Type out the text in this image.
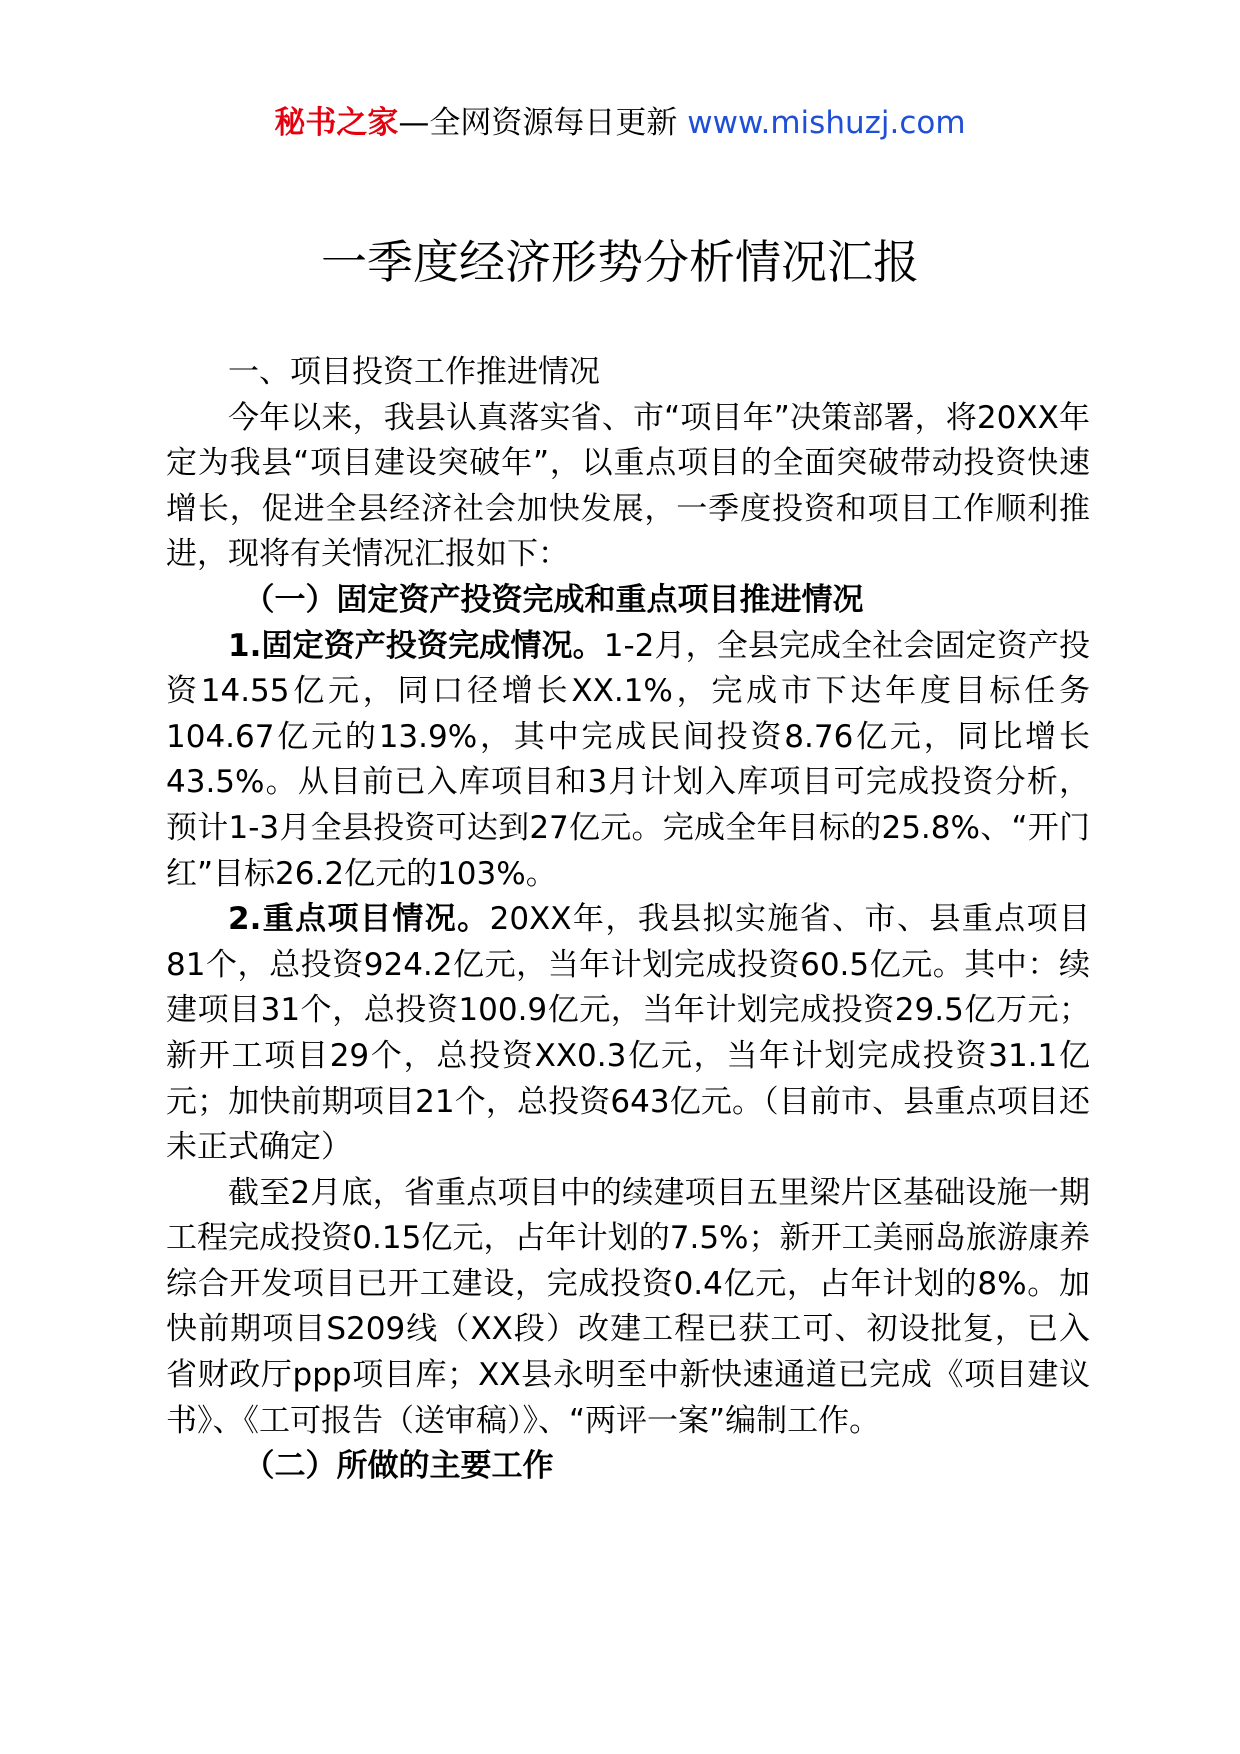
秘书之家—全网资源每日更新 www.mishuzj.com
一季度经济形势分析情况汇报

一、项目投资工作推进情况

今年以来，我县认真落实省、市“项目年”决策部署，将20XX年定为我县“项目建设突破年”，以重点项目的全面突破带动投资快速增长，促进全县经济社会加快发展，一季度投资和项目工作顺利推进，现将有关情况汇报如下：

（一）固定资产投资完成和重点项目推进情况

1.固定资产投资完成情况。1-2月，全县完成全社会固定资产投资14.55亿元，同口径增长XX.1%，完成市下达年度目标任务104.67亿元的13.9%，其中完成民间投资8.76亿元，同比增长43.5%。从目前已入库项目和3月计划入库项目可完成投资分析，预计1-3月全县投资可达到27亿元。完成全年目标的25.8%、“开门红”目标26.2亿元的103%。

2.重点项目情况。20XX年，我县拟实施省、市、县重点项目81个，总投资924.2亿元，当年计划完成投资60.5亿元。其中：续建项目31个，总投资100.9亿元，当年计划完成投资29.5亿万元；新开工项目29个，总投资XX0.3亿元，当年计划完成投资31.1亿元；加快前期项目21个，总投资643亿元。（目前市、县重点项目还未正式确定）

截至2月底，省重点项目中的续建项目五里梁片区基础设施一期工程完成投资0.15亿元，占年计划的7.5%；新开工美丽岛旅游康养综合开发项目已开工建设，完成投资0.4亿元，占年计划的8%。加快前期项目S209线（XX段）改建工程已获工可、初设批复，已入省财政厅ppp项目库；XX县永明至中新快速通道已完成《项目建议书》、《工可报告（送审稿）》、“两评一案”编制工作。

（二）所做的主要工作
